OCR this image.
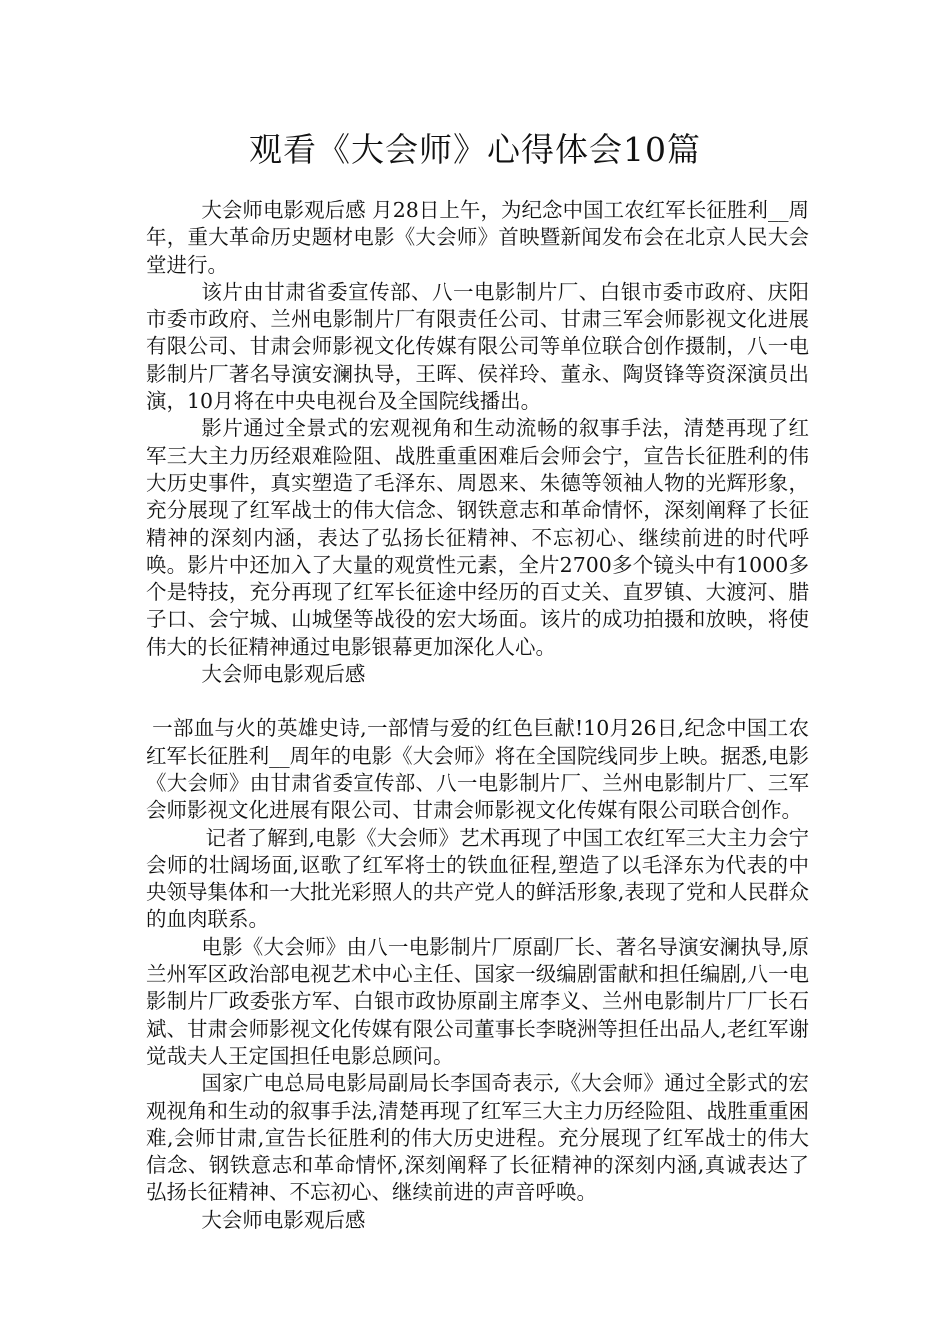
观看《大会师》心得体会10篇

大会师电影观后感 月28日上午，为纪念中国工农红军长征胜利__周年，重大革命历史题材电影《大会师》首映暨新闻发布会在北京人民大会堂进行。

该片由甘肃省委宣传部、八一电影制片厂、白银市委市政府、庆阳市委市政府、兰州电影制片厂有限责任公司、甘肃三军会师影视文化进展有限公司、甘肃会师影视文化传媒有限公司等单位联合创作摄制，八一电影制片厂著名导演安澜执导，王晖、侯祥玲、董永、陶贤锋等资深演员出演，10月将在中央电视台及全国院线播出。

影片通过全景式的宏观视角和生动流畅的叙事手法，清楚再现了红军三大主力历经艰难险阻、战胜重重困难后会师会宁，宣告长征胜利的伟大历史事件，真实塑造了毛泽东、周恩来、朱德等领袖人物的光辉形象，充分展现了红军战士的伟大信念、钢铁意志和革命情怀，深刻阐释了长征精神的深刻内涵，表达了弘扬长征精神、不忘初心、继续前进的时代呼唤。影片中还加入了大量的观赏性元素，全片2700多个镜头中有1000多个是特技，充分再现了红军长征途中经历的百丈关、直罗镇、大渡河、腊子口、会宁城、山城堡等战役的宏大场面。该片的成功拍摄和放映，将使伟大的长征精神通过电影银幕更加深化人心。

大会师电影观后感

一部血与火的英雄史诗,一部情与爱的红色巨献!10月26日,纪念中国工农红军长征胜利__周年的电影《大会师》将在全国院线同步上映。据悉,电影《大会师》由甘肃省委宣传部、八一电影制片厂、兰州电影制片厂、三军会师影视文化进展有限公司、甘肃会师影视文化传媒有限公司联合创作。

记者了解到,电影《大会师》艺术再现了中国工农红军三大主力会宁会师的壮阔场面,讴歌了红军将士的铁血征程,塑造了以毛泽东为代表的中央领导集体和一大批光彩照人的共产党人的鲜活形象,表现了党和人民群众的血肉联系。

电影《大会师》由八一电影制片厂原副厂长、著名导演安澜执导,原兰州军区政治部电视艺术中心主任、国家一级编剧雷献和担任编剧,八一电影制片厂政委张方军、白银市政协原副主席李义、兰州电影制片厂厂长石斌、甘肃会师影视文化传媒有限公司董事长李晓洲等担任出品人,老红军谢觉哉夫人王定国担任电影总顾问。

国家广电总局电影局副局长李国奇表示,《大会师》通过全影式的宏观视角和生动的叙事手法,清楚再现了红军三大主力历经险阻、战胜重重困难,会师甘肃,宣告长征胜利的伟大历史进程。充分展现了红军战士的伟大信念、钢铁意志和革命情怀,深刻阐释了长征精神的深刻内涵,真诚表达了弘扬长征精神、不忘初心、继续前进的声音呼唤。

大会师电影观后感
